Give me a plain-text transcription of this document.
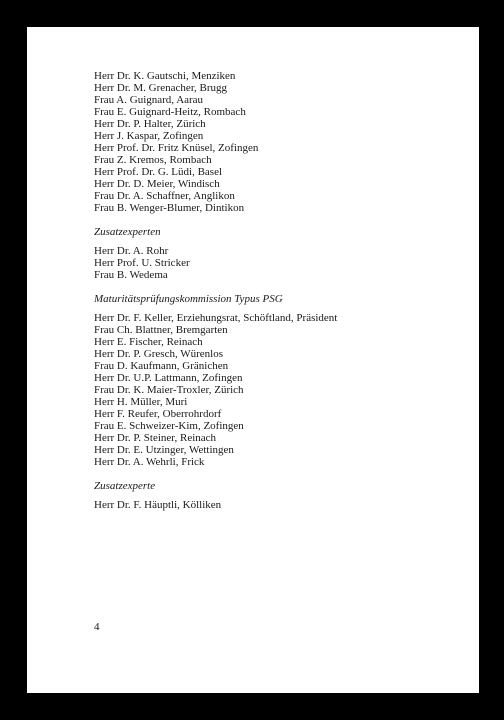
Herr Dr. K. Gautschi, Menziken
Herr Dr. M. Grenacher, Brugg
Frau A. Guignard, Aarau
Frau E. Guignard-Heitz, Rombach
Herr Dr. P. Halter, Zürich
Herr J. Kaspar, Zofingen
Herr Prof. Dr. Fritz Knüsel, Zofingen
Frau Z. Kremos, Rombach
Herr Prof. Dr. G. Lüdi, Basel
Herr Dr. D. Meier, Windisch
Frau Dr. A. Schaffner, Anglikon
Frau B. Wenger-Blumer, Dintikon
Zusatzexperten
Herr Dr. A. Rohr
Herr Prof. U. Stricker
Frau B. Wedema
Maturitätsprüfungskommission Typus PSG
Herr Dr. F. Keller, Erziehungsrat, Schöftland, Präsident
Frau Ch. Blattner, Bremgarten
Herr E. Fischer, Reinach
Herr Dr. P. Gresch, Würenlos
Frau D. Kaufmann, Gränichen
Herr Dr. U.P. Lattmann, Zofingen
Frau Dr. K. Maier-Troxler, Zürich
Herr H. Müller, Muri
Herr F. Reufer, Oberrohrdorf
Frau E. Schweizer-Kim, Zofingen
Herr Dr. P. Steiner, Reinach
Herr Dr. E. Utzinger, Wettingen
Herr Dr. A. Wehrli, Frick
Zusatzexperte
Herr Dr. F. Häuptli, Kölliken
4
